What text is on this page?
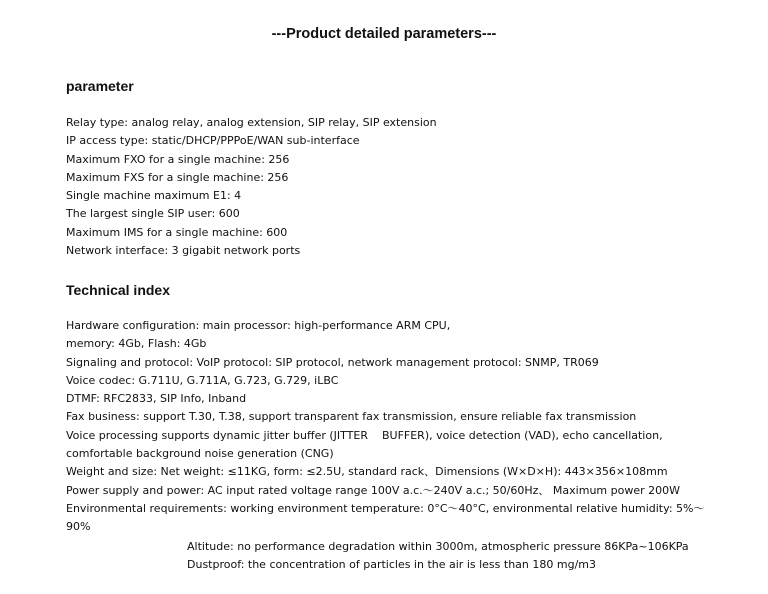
---Product detailed parameters---
parameter
Relay type: analog relay, analog extension, SIP relay, SIP extension
IP access type: static/DHCP/PPPoE/WAN sub-interface
Maximum FXO for a single machine: 256
Maximum FXS for a single machine: 256
Single machine maximum E1: 4
The largest single SIP user: 600
Maximum IMS for a single machine: 600
Network interface: 3 gigabit network ports
Technical index
Hardware configuration: main processor: high-performance ARM CPU,
memory: 4Gb, Flash: 4Gb
Signaling and protocol: VoIP protocol: SIP protocol, network management protocol: SNMP, TR069
Voice codec: G.711U, G.711A, G.723, G.729, iLBC
DTMF: RFC2833, SIP Info, Inband
Fax business: support T.30, T.38, support transparent fax transmission, ensure reliable fax transmission
Voice processing supports dynamic jitter buffer (JITTER    BUFFER), voice detection (VAD), echo cancellation,
comfortable background noise generation (CNG)
Weight and size: Net weight: ≤11KG, form: ≤2.5U, standard rack、Dimensions (W×D×H): 443×356×108mm
Power supply and power: AC input rated voltage range 100V a.c.～240V a.c.; 50/60Hz、 Maximum power 200W
Environmental requirements: working environment temperature: 0°C～40°C, environmental relative humidity: 5%～
90%
Altitude: no performance degradation within 3000m, atmospheric pressure 86KPa~106KPa
Dustproof: the concentration of particles in the air is less than 180 mg/m3
